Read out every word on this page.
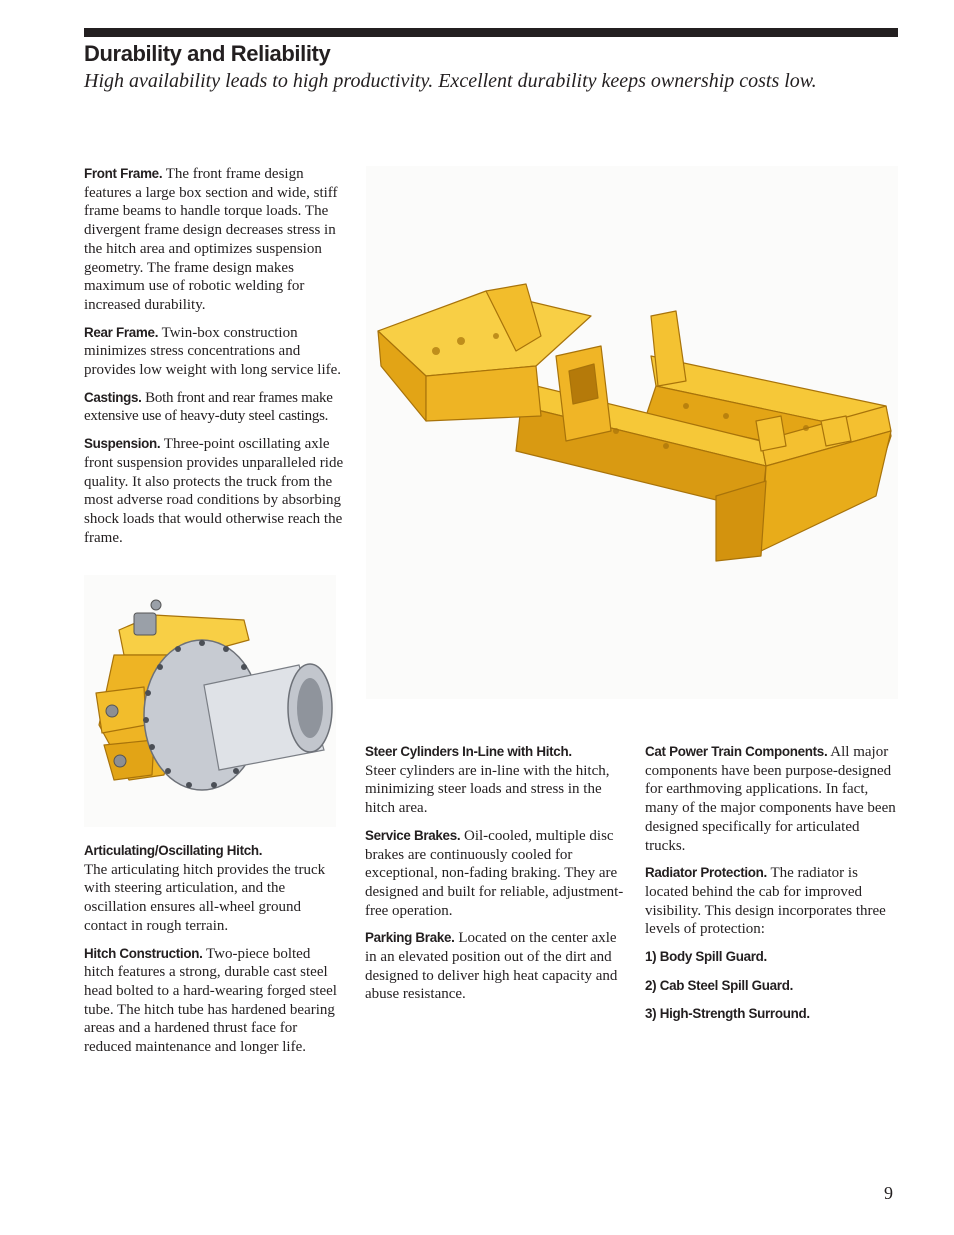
Durability and Reliability

High availability leads to high productivity. Excellent durability keeps ownership costs low.

Front Frame. The front frame design features a large box section and wide, stiff frame beams to handle torque loads. The divergent frame design decreases stress in the hitch area and optimizes suspension geometry. The frame design makes maximum use of robotic welding for increased durability.

Rear Frame. Twin-box construction minimizes stress concentrations and provides low weight with long service life.

Castings. Both front and rear frames make extensive use of heavy-duty steel castings.

Suspension. Three-point oscillating axle front suspension provides unparalleled ride quality. It also protects the truck from the most adverse road conditions by absorbing shock loads that would otherwise reach the frame.

Articulating/Oscillating Hitch.
The articulating hitch provides the truck with steering articulation, and the oscillation ensures all-wheel ground contact in rough terrain.

Hitch Construction. Two-piece bolted hitch features a strong, durable cast steel head bolted to a hard-wearing forged steel tube. The hitch tube has hardened bearing areas and a hardened thrust face for reduced maintenance and longer life.

Steer Cylinders In-Line with Hitch.
Steer cylinders are in-line with the hitch, minimizing steer loads and stress in the hitch area.

Service Brakes. Oil-cooled, multiple disc brakes are continuously cooled for exceptional, non-fading braking. They are designed and built for reliable, adjustment-free operation.

Parking Brake. Located on the center axle in an elevated position out of the dirt and designed to deliver high heat capacity and abuse resistance.

Cat Power Train Components. All major components have been purpose-designed for earthmoving applications. In fact, many of the major components have been designed specifically for articulated trucks.

Radiator Protection. The radiator is located behind the cab for improved visibility. This design incorporates three levels of protection:

1) Body Spill Guard.

2) Cab Steel Spill Guard.

3) High-Strength Surround.

9
